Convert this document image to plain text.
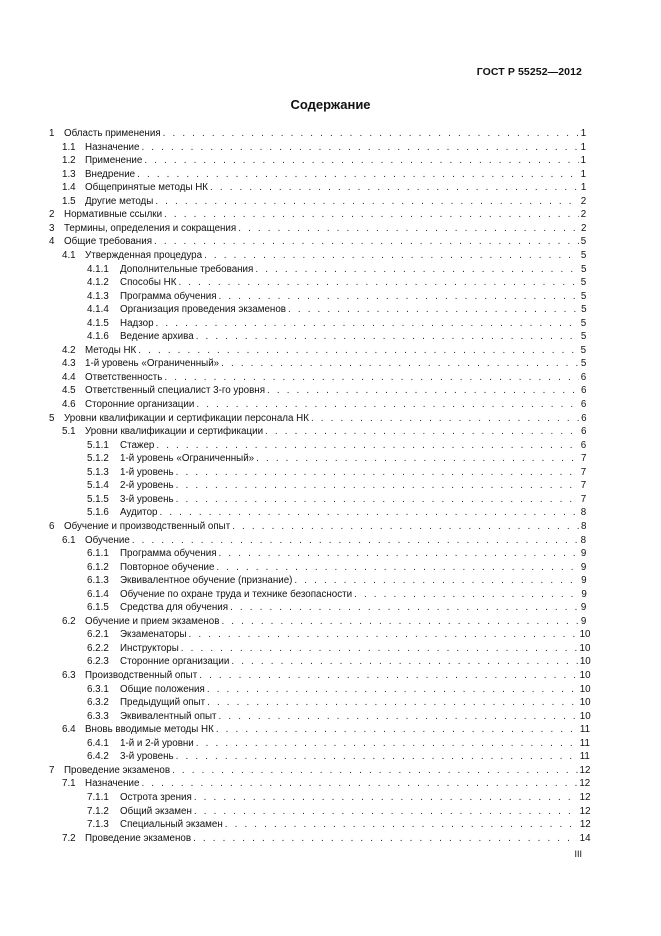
ГОСТ Р 55252—2012
Содержание
1 Область применения . . .	1
1.1 Назначение . . .	1
1.2 Применение . . .	1
1.3 Внедрение . . .	1
1.4 Общепринятые методы НК . . .	1
1.5 Другие методы . . .	2
2 Нормативные ссылки . . .	2
3 Термины, определения и сокращения . . .	2
4 Общие требования . . .	5
4.1 Утвержденная процедура . . .	5
4.1.1	Дополнительные требования . . .	5
4.1.2	Способы НК . . .	5
4.1.3	Программа обучения . . .	5
4.1.4	Организация проведения экзаменов . . .	5
4.1.5	Надзор . . .	5
4.1.6	Ведение архива . . .	5
4.2 Методы НК . . .	5
4.3 1-й уровень «Ограниченный» . . .	5
4.4 Ответственность . . .	6
4.5 Ответственный специалист 3-го уровня . . .	6
4.6 Сторонние организации . . .	6
5 Уровни квалификации и сертификации персонала НК . . .	6
5.1 Уровни квалификации и сертификации . . .	6
5.1.1	Стажер . . .	6
5.1.2	1-й уровень «Ограниченный» . . .	7
5.1.3	1-й уровень . . .	7
5.1.4	2-й уровень . . .	7
5.1.5	3-й уровень . . .	7
5.1.6	Аудитор . . .	8
6 Обучение и производственный опыт . . .	8
6.1 Обучение . . .	8
6.1.1	Программа обучения . . .	9
6.1.2	Повторное обучение . . .	9
6.1.3	Эквивалентное обучение (признание) . . .	9
6.1.4	Обучение по охране труда и технике безопасности . . .	9
6.1.5	Средства для обучения . . .	9
6.2 Обучение и прием экзаменов . . .	9
6.2.1	Экзаменаторы . . .	10
6.2.2	Инструкторы . . .	10
6.2.3	Сторонние организации . . .	10
6.3 Производственный опыт . . .	10
6.3.1	Общие положения . . .	10
6.3.2	Предыдущий опыт . . .	10
6.3.3	Эквивалентный опыт . . .	10
6.4 Вновь вводимые методы НК . . .	11
6.4.1	1-й и 2-й уровни . . .	11
6.4.2	3-й уровень . . .	11
7 Проведение экзаменов . . .	12
7.1 Назначение . . .	12
7.1.1	Острота зрения . . .	12
7.1.2	Общий экзамен . . .	12
7.1.3	Специальный экзамен . . .	12
7.2 Проведение экзаменов . . .	14
III
